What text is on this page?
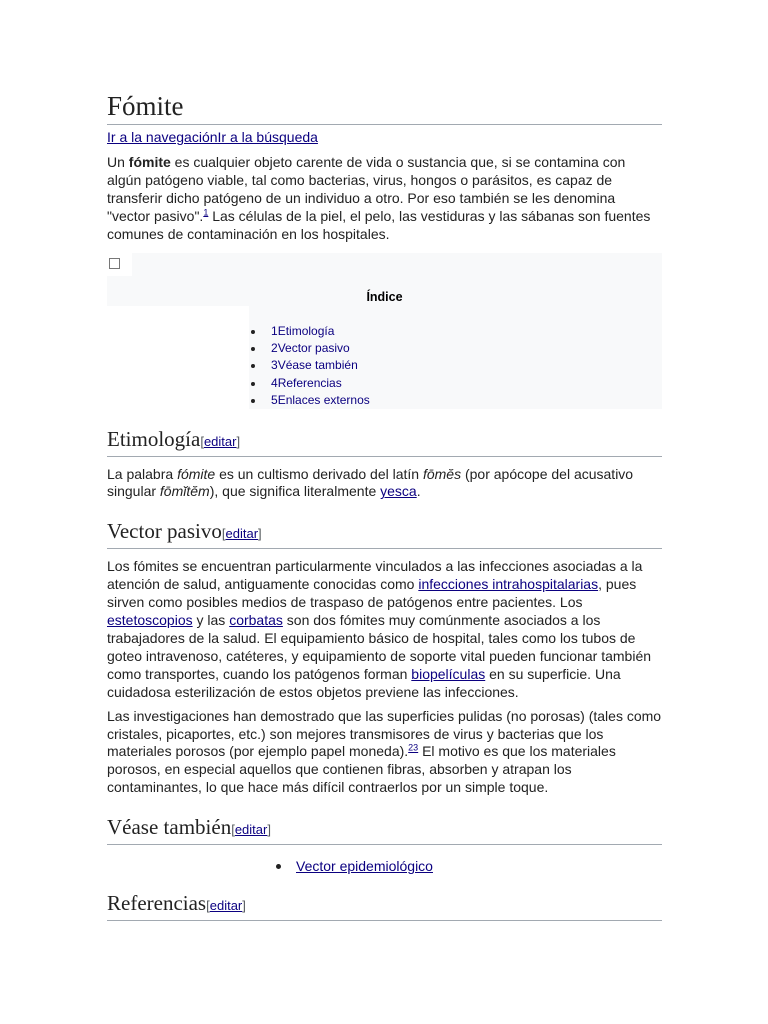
Fómite
Ir a la navegaciónIr a la búsqueda

Un fómite es cualquier objeto carente de vida o sustancia que, si se contamina con algún patógeno viable, tal como bacterias, virus, hongos o parásitos, es capaz de transferir dicho patógeno de un individuo a otro. Por eso también se les denomina "vector pasivo".$^1$ Las células de la piel, el pelo, las vestiduras y las sábanas son fuentes comunes de contaminación en los hospitales.

Índice
1Etimología
2Vector pasivo
3Véase también
4Referencias
5Enlaces externos
Etimología[editar]

La palabra fómite es un cultismo derivado del latín fōmĕs (por apócope del acusativo singular fōmĭtĕm), que significa literalmente yesca.

Vector pasivo[editar]

Los fómites se encuentran particularmente vinculados a las infecciones asociadas a la atención de salud, antiguamente conocidas como infecciones intrahospitalarias, pues sirven como posibles medios de traspaso de patógenos entre pacientes. Los estetoscopios y las corbatas son dos fómites muy comúnmente asociados a los trabajadores de la salud. El equipamiento básico de hospital, tales como los tubos de goteo intravenoso, catéteres, y equipamiento de soporte vital pueden funcionar también como transportes, cuando los patógenos forman biopelículas en su superficie. Una cuidadosa esterilización de estos objetos previene las infecciones.

Las investigaciones han demostrado que las superficies pulidas (no porosas) (tales como cristales, picaportes, etc.) son mejores transmisores de virus y bacterias que los materiales porosos (por ejemplo papel moneda).$^{23}$ El motivo es que los materiales porosos, en especial aquellos que contienen fibras, absorben y atrapan los contaminantes, lo que hace más difícil contraerlos por un simple toque.

Véase también[editar]
Vector epidemiológico
Referencias[editar]
